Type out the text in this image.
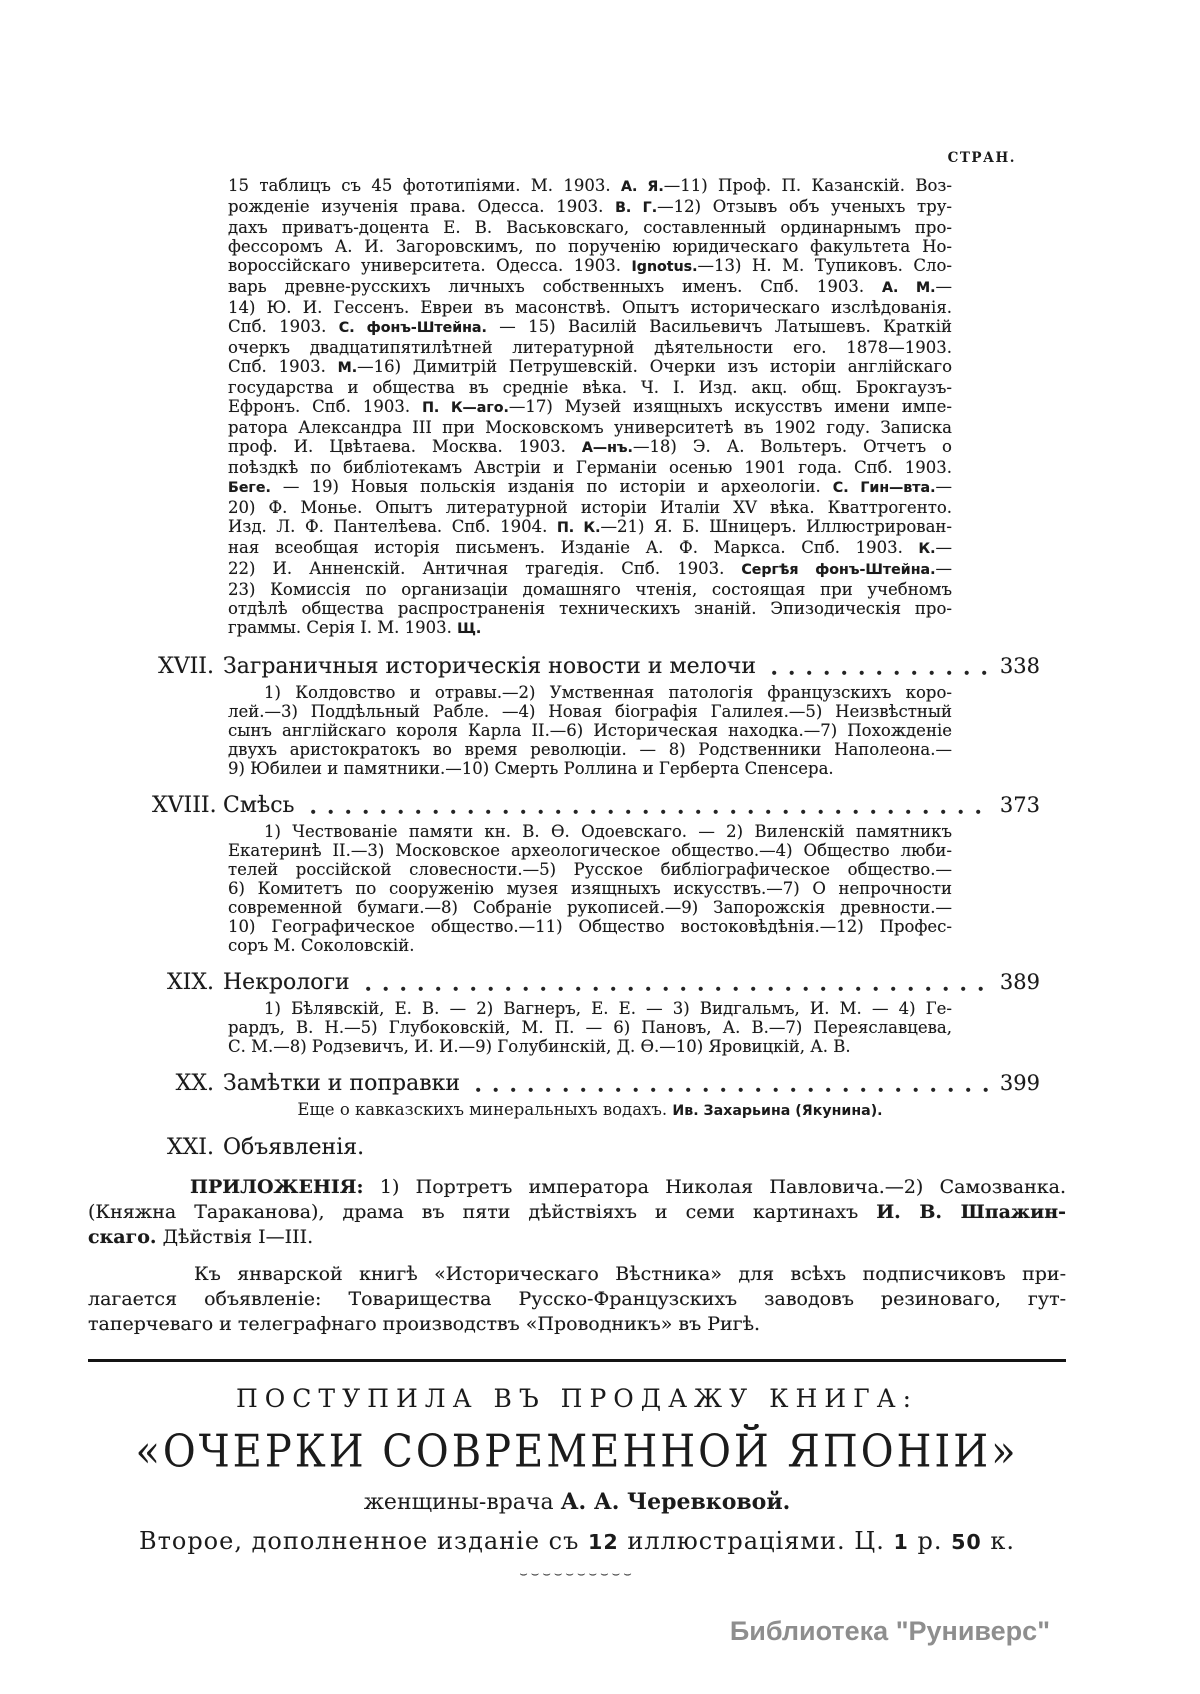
СТРАН.
15 таблицъ съ 45 фототипіями. М. 1903. А. Я.—11) Проф. П. Казанскій. Воз-
рожденіе изученія права. Одесса. 1903. В. Г.—12) Отзывъ объ ученыхъ тру-
дахъ приватъ-доцента Е. В. Васьковскаго, составленный ординарнымъ про-
фессоромъ А. И. Загоровскимъ, по порученію юридическаго факультета Но-
вороссійскаго университета. Одесса. 1903. Ignotus.—13) Н. М. Тупиковъ. Сло-
варь древне-русскихъ личныхъ собственныхъ именъ. Спб. 1903. А. М.—
14) Ю. И. Гессенъ. Евреи въ масонствѣ. Опытъ историческаго изслѣдованія.
Спб. 1903. С. фонъ-Штейна. — 15) Василій Васильевичъ Латышевъ. Краткій
очеркъ двадцатипятилѣтней литературной дѣятельности его. 1878—1903.
Спб. 1903. М.—16) Димитрій Петрушевскій. Очерки изъ исторіи англійскаго
государства и общества въ средніе вѣка. Ч. I. Изд. акц. общ. Брокгаузъ-
Ефронъ. Спб. 1903. П. К—аго.—17) Музей изящныхъ искусствъ имени импе-
ратора Александра III при Московскомъ университетѣ въ 1902 году. Записка
проф. И. Цвѣтаева. Москва. 1903. А—нъ.—18) Э. А. Вольтеръ. Отчетъ о
поѣздкѣ по библіотекамъ Австріи и Германіи осенью 1901 года. Спб. 1903.
Беге. — 19) Новыя польскія изданія по исторіи и археологіи. С. Гин—вта.—
20) Ф. Монье. Опытъ литературной исторіи Италіи XV вѣка. Кваттрогенто.
Изд. Л. Ф. Пантелѣева. Спб. 1904. П. К.—21) Я. Б. Шницеръ. Иллюстрирован-
ная всеобщая исторія письменъ. Изданіе А. Ф. Маркса. Спб. 1903. К.—
22) И. Анненскій. Античная трагедія. Спб. 1903. Сергѣя фонъ-Штейна.—
23) Комиссія по организаціи домашняго чтенія, состоящая при учебномъ
отдѣлѣ общества распространенія техническихъ знаній. Эпизодическія про-
граммы. Серія I. М. 1903. Щ.
XVII. Заграничныя историческія новости и мелочи	338
1) Колдовство и отравы.—2) Умственная патологія французскихъ коро-
лей.—3) Поддѣльный Рабле. —4) Новая біографія Галилея.—5) Неизвѣстный
сынъ англійскаго короля Карла II.—6) Историческая находка.—7) Похожденіе
двухъ аристократокъ во время революціи. — 8) Родственники Наполеона.—
9) Юбилеи и памятники.—10) Смерть Роллина и Герберта Спенсера.
XVIII. Смѣсь	373
1) Чествованіе памяти кн. В. Ѳ. Одоевскаго. — 2) Виленскій памятникъ
Екатеринѣ II.—3) Московское археологическое общество.—4) Общество люби-
телей россійской словесности.—5) Русское библіографическое общество.—
6) Комитетъ по сооруженію музея изящныхъ искусствъ.—7) О непрочности
современной бумаги.—8) Собраніе рукописей.—9) Запорожскія древности.—
10) Географическое общество.—11) Общество востоковѣдѣнія.—12) Профес-
соръ М. Соколовскій.
XIX. Некрологи	389
1) Бѣлявскій, Е. В. — 2) Вагнеръ, Е. Е. — 3) Видгальмъ, И. М. — 4) Ге-
рардъ, В. Н.—5) Глубоковскій, М. П. — 6) Пановъ, А. В.—7) Переяславцева,
С. М.—8) Родзевичъ, И. И.—9) Голубинскій, Д. Ѳ.—10) Яровицкій, А. В.
XX. Замѣтки и поправки	399
Еще о кавказскихъ минеральныхъ водахъ. Ив. Захарьина (Якунина).
XXI. Объявленія.
ПРИЛОЖЕНІЯ: 1) Портретъ императора Николая Павловича.—2) Самозванка.
(Княжна Тараканова), драма въ пяти дѣйствіяхъ и семи картинахъ И. В. Шпажин-
скаго. Дѣйствія I—III.
Къ январской книгѣ «Историческаго Вѣстника» для всѣхъ подписчиковъ при-
лагается объявленіе: Товарищества Русско-Французскихъ заводовъ резиноваго, гут-
таперчеваго и телеграфнаго производствъ «Проводникъ» въ Ригѣ.
ПОСТУПИЛА ВЪ ПРОДАЖУ КНИГА:
«ОЧЕРКИ СОВРЕМЕННОЙ ЯПОНІИ»
женщины-врача А. А. Черевковой.
Второе, дополненное изданіе съ 12 иллюстраціями. Ц. 1 р. 50 к.
⌣⌣⌣⌣⌣⌣⌣⌣⌣⌣
Библиотека "Руниверс"
